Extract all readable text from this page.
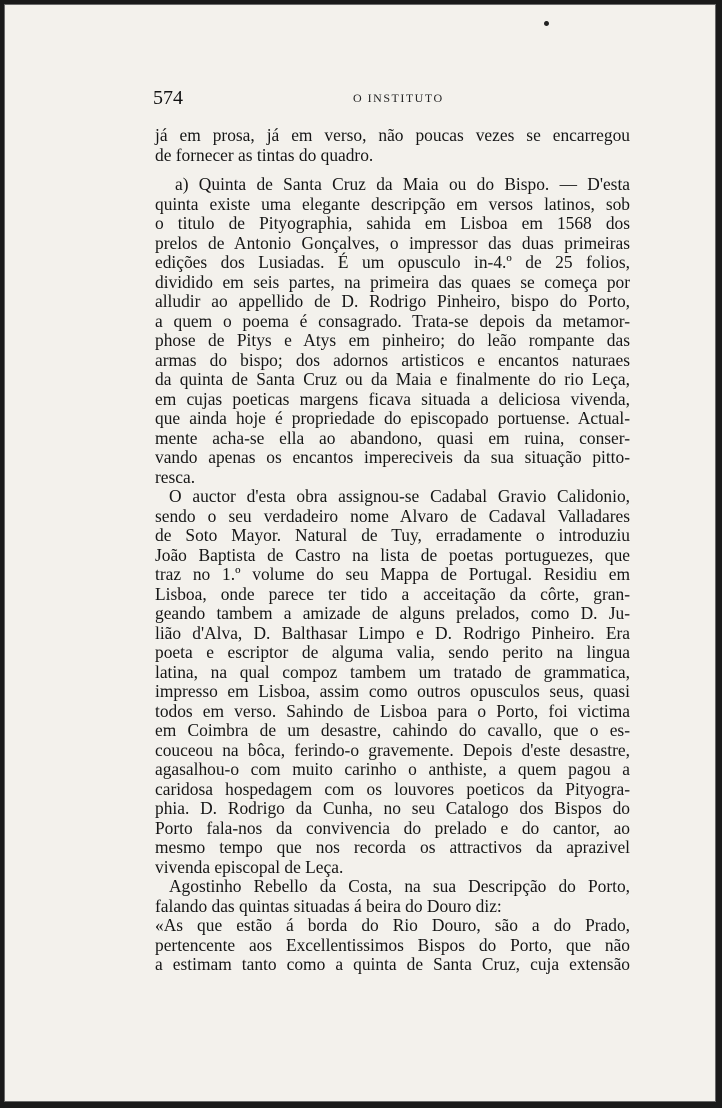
574	O INSTITUTO
já em prosa, já em verso, não poucas vezes se encarregou
de fornecer as tintas do quadro.
a) Quinta de Santa Cruz da Maia ou do Bispo. — D'esta
quinta existe uma elegante descripção em versos latinos, sob
o titulo de Pityographia, sahida em Lisboa em 1568 dos
prelos de Antonio Gonçalves, o impressor das duas primeiras
edições dos Lusiadas. É um opusculo in-4.º de 25 folios,
dividido em seis partes, na primeira das quaes se começa por
alludir ao appellido de D. Rodrigo Pinheiro, bispo do Porto,
a quem o poema é consagrado. Trata-se depois da metamor-
phose de Pitys e Atys em pinheiro; do leão rompante das
armas do bispo; dos adornos artisticos e encantos naturaes
da quinta de Santa Cruz ou da Maia e finalmente do rio Leça,
em cujas poeticas margens ficava situada a deliciosa vivenda,
que ainda hoje é propriedade do episcopado portuense. Actual-
mente acha-se ella ao abandono, quasi em ruina, conser-
vando apenas os encantos impereciveis da sua situação pitto-
resca.
O auctor d'esta obra assignou-se Cadabal Gravio Calidonio,
sendo o seu verdadeiro nome Alvaro de Cadaval Valladares
de Soto Mayor. Natural de Tuy, erradamente o introduziu
João Baptista de Castro na lista de poetas portuguezes, que
traz no 1.º volume do seu Mappa de Portugal. Residiu em
Lisboa, onde parece ter tido a acceitação da côrte, gran-
geando tambem a amizade de alguns prelados, como D. Ju-
lião d'Alva, D. Balthasar Limpo e D. Rodrigo Pinheiro. Era
poeta e escriptor de alguma valia, sendo perito na lingua
latina, na qual compoz tambem um tratado de grammatica,
impresso em Lisboa, assim como outros opusculos seus, quasi
todos em verso. Sahindo de Lisboa para o Porto, foi victima
em Coimbra de um desastre, cahindo do cavallo, que o es-
couceou na bôca, ferindo-o gravemente. Depois d'este desastre,
agasalhou-o com muito carinho o anthiste, a quem pagou a
caridosa hospedagem com os louvores poeticos da Pityogra-
phia. D. Rodrigo da Cunha, no seu Catalogo dos Bispos do
Porto fala-nos da convivencia do prelado e do cantor, ao
mesmo tempo que nos recorda os attractivos da aprazivel
vivenda episcopal de Leça.
Agostinho Rebello da Costa, na sua Descripção do Porto,
falando das quintas situadas á beira do Douro diz:
«As que estão á borda do Rio Douro, são a do Prado,
pertencente aos Excellentissimos Bispos do Porto, que não
a estimam tanto como a quinta de Santa Cruz, cuja extensão
